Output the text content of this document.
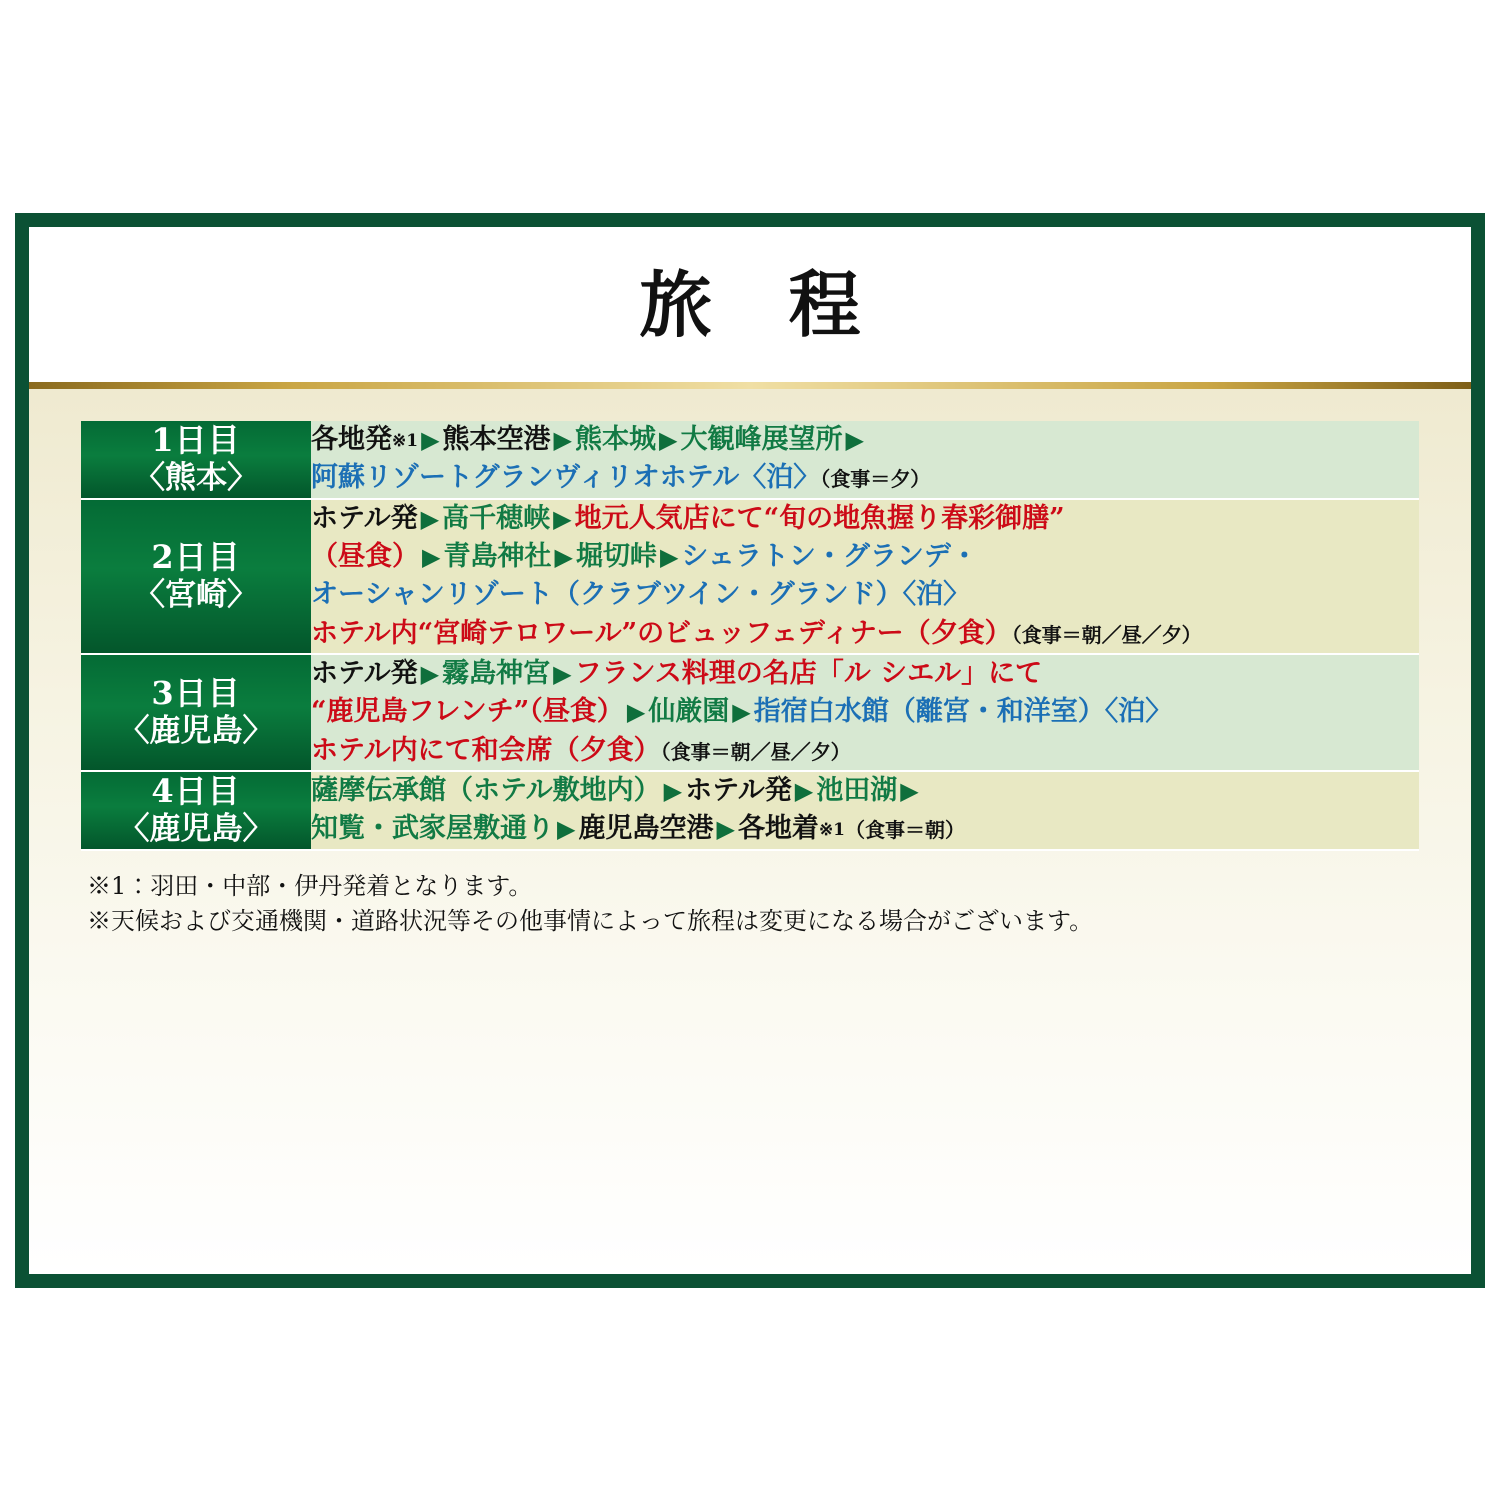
旅 程
1日目
〈熊本〉

各地発※1 ▶ 熊本空港 ▶ 熊本城 ▶ 大観峰展望所 ▶
阿蘇リゾートグランヴィリオホテル〈泊〉（食事＝夕）

2日目
〈宮崎〉

ホテル発 ▶ 高千穂峡 ▶ 地元人気店にて“旬の地魚握り春彩御膳”
（昼食） ▶ 青島神社 ▶ 堀切峠 ▶ シェラトン・グランデ・
オーシャンリゾート（クラブツイン・グランド）〈泊〉
ホテル内“宮崎テロワール”のビュッフェディナー（夕食）（食事＝朝／昼／夕）

3日目
〈鹿児島〉

ホテル発 ▶ 霧島神宮 ▶ フランス料理の名店「ル シエル」にて
“鹿児島フレンチ”（昼食） ▶ 仙厳園 ▶ 指宿白水館（離宮・和洋室）〈泊〉
ホテル内にて和会席（夕食）（食事＝朝／昼／夕）

4日目
〈鹿児島〉

薩摩伝承館（ホテル敷地内） ▶ ホテル発 ▶ 池田湖 ▶
知覧・武家屋敷通り ▶ 鹿児島空港 ▶ 各地着※1（食事＝朝）
※1：羽田・中部・伊丹発着となります。
※天候および交通機関・道路状況等その他事情によって旅程は変更になる場合がございます。
